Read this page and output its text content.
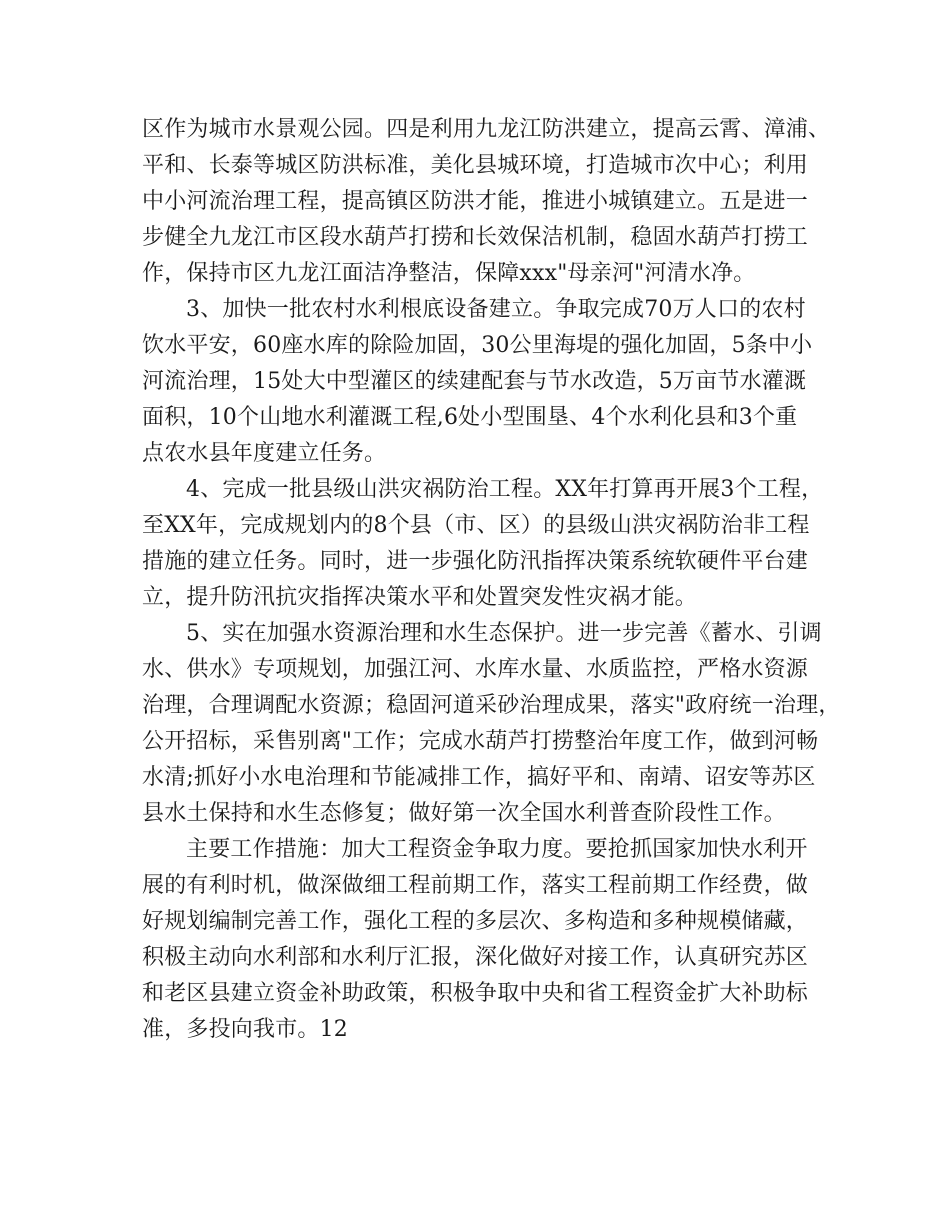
区作为城市水景观公园。四是利用九龙江防洪建立，提高云霄、漳浦、
平和、长泰等城区防洪标准，美化县城环境，打造城市次中心；利用
中小河流治理工程，提高镇区防洪才能，推进小城镇建立。五是进一
步健全九龙江市区段水葫芦打捞和长效保洁机制，稳固水葫芦打捞工
作，保持市区九龙江面洁净整洁，保障xxx"母亲河"河清水净。
3、加快一批农村水利根底设备建立。争取完成70万人口的农村
饮水平安，60座水库的除险加固，30公里海堤的强化加固，5条中小
河流治理，15处大中型灌区的续建配套与节水改造，5万亩节水灌溉
面积，10个山地水利灌溉工程,6处小型围垦、4个水利化县和3个重
点农水县年度建立任务。
4、完成一批县级山洪灾祸防治工程。XX年打算再开展3个工程，
至XX年，完成规划内的8个县（市、区）的县级山洪灾祸防治非工程
措施的建立任务。同时，进一步强化防汛指挥决策系统软硬件平台建
立，提升防汛抗灾指挥决策水平和处置突发性灾祸才能。
5、实在加强水资源治理和水生态保护。进一步完善《蓄水、引调
水、供水》专项规划，加强江河、水库水量、水质监控，严格水资源
治理，合理调配水资源；稳固河道采砂治理成果，落实"政府统一治理，
公开招标，采售别离"工作；完成水葫芦打捞整治年度工作，做到河畅
水清;抓好小水电治理和节能减排工作，搞好平和、南靖、诏安等苏区
县水土保持和水生态修复；做好第一次全国水利普查阶段性工作。
主要工作措施：加大工程资金争取力度。要抢抓国家加快水利开
展的有利时机，做深做细工程前期工作，落实工程前期工作经费，做
好规划编制完善工作，强化工程的多层次、多构造和多种规模储藏，
积极主动向水利部和水利厅汇报，深化做好对接工作，认真研究苏区
和老区县建立资金补助政策，积极争取中央和省工程资金扩大补助标
准，多投向我市。12
